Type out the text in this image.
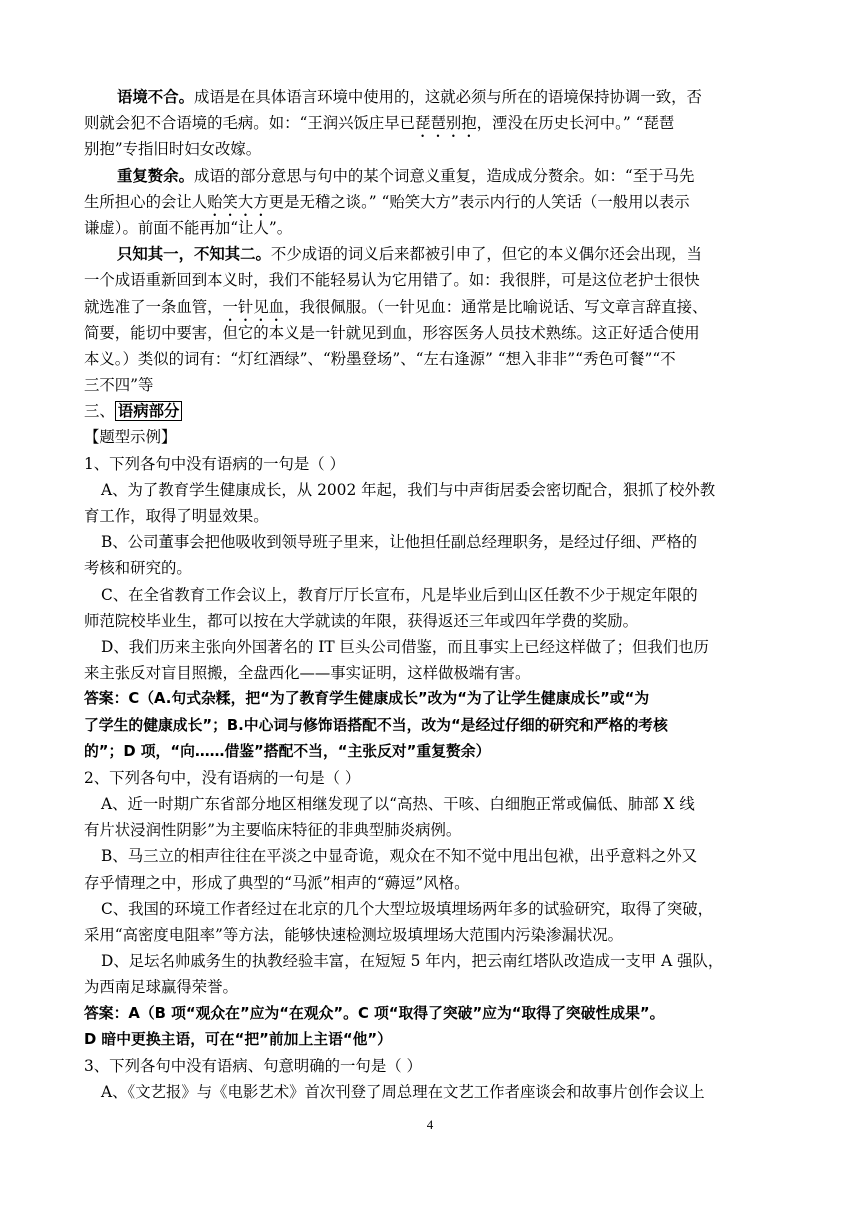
语境不合。成语是在具体语言环境中使用的，这就必须与所在的语境保持协调一致，否
则就会犯不合语境的毛病。如：“王润兴饭庄早已琵琶别抱，湮没在历史长河中。” “琵琶
别抱”专指旧时妇女改嫁。
重复赘余。成语的部分意思与句中的某个词意义重复，造成成分赘余。如：“至于马先
生所担心的会让人贻笑大方更是无稽之谈。” “贻笑大方”表示内行的人笑话（一般用以表示
谦虚）。前面不能再加“让人”。
只知其一，不知其二。不少成语的词义后来都被引申了，但它的本义偶尔还会出现，当
一个成语重新回到本义时，我们不能轻易认为它用错了。如：我很胖，可是这位老护士很快
就选准了一条血管，一针见血，我很佩服。（一针见血：通常是比喻说话、写文章言辞直接、
简要，能切中要害，但它的本义是一针就见到血，形容医务人员技术熟练。这正好适合使用
本义。）类似的词有：“灯红酒绿”、“粉墨登场”、“左右逢源” “想入非非”“秀色可餐”“不
三不四”等
三、 语病部分
【题型示例】
1、下列各句中没有语病的一句是（ ）
A、为了教育学生健康成长，从 2002 年起，我们与中声街居委会密切配合，狠抓了校外教
育工作，取得了明显效果。
B、公司董事会把他吸收到领导班子里来，让他担任副总经理职务，是经过仔细、严格的
考核和研究的。
C、在全省教育工作会议上，教育厅厅长宣布，凡是毕业后到山区任教不少于规定年限的
师范院校毕业生，都可以按在大学就读的年限，获得返还三年或四年学费的奖励。
D、我们历来主张向外国著名的 IT 巨头公司借鉴，而且事实上已经这样做了；但我们也历
来主张反对盲目照搬，全盘西化——事实证明，这样做极端有害。
答案：C（A.句式杂糅，把“为了教育学生健康成长”改为“为了让学生健康成长”或“为
了学生的健康成长”；B.中心词与修饰语搭配不当，改为“是经过仔细的研究和严格的考核
的”；D 项，“向……借鉴”搭配不当，“主张反对”重复赘余）
2、下列各句中，没有语病的一句是（ ）
A、近一时期广东省部分地区相继发现了以“高热、干咳、白细胞正常或偏低、肺部 X 线
有片状浸润性阴影”为主要临床特征的非典型肺炎病例。
B、马三立的相声往往在平淡之中显奇诡，观众在不知不觉中甩出包袱，出乎意料之外又
存乎情理之中，形成了典型的“马派”相声的“薅逗”风格。
C、我国的环境工作者经过在北京的几个大型垃圾填埋场两年多的试验研究，取得了突破，
采用“高密度电阻率”等方法，能够快速检测垃圾填埋场大范围内污染渗漏状况。
D、足坛名帅戚务生的执教经验丰富，在短短 5 年内，把云南红塔队改造成一支甲 A 强队，
为西南足球赢得荣誉。
答案：A（B 项“观众在”应为“在观众”。C 项“取得了突破”应为“取得了突破性成果”。
D 暗中更换主语，可在“把”前加上主语“他”）
3、下列各句中没有语病、句意明确的一句是（ ）
A、《文艺报》与《电影艺术》首次刊登了周总理在文艺工作者座谈会和故事片创作会议上
4
